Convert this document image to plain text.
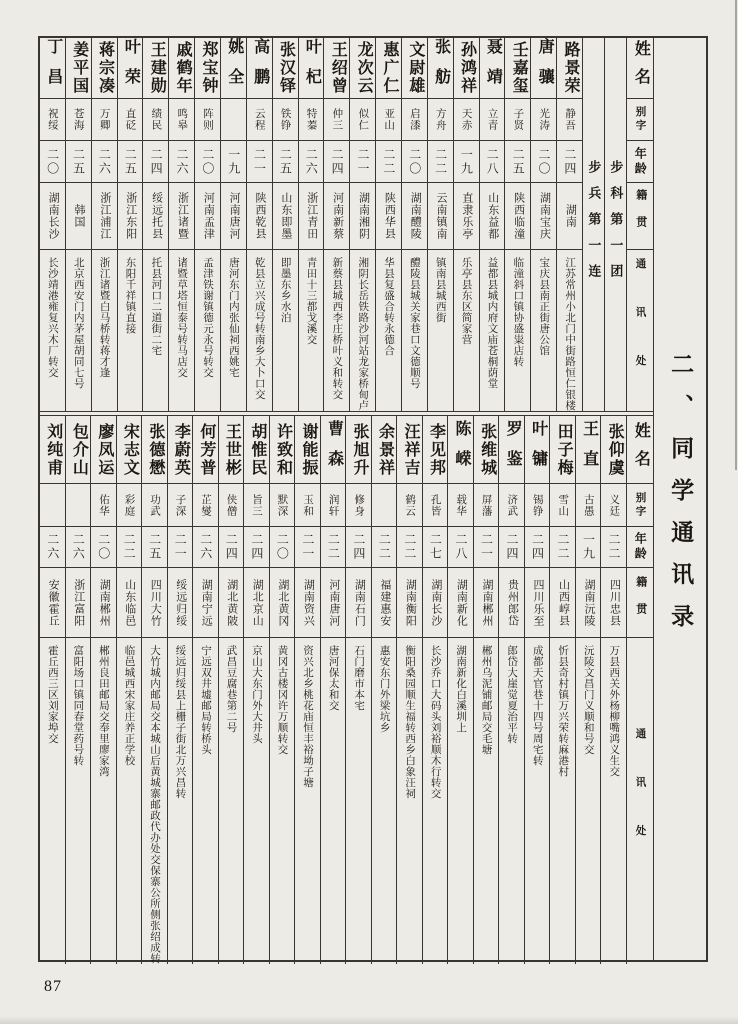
姓名
别字
年龄
籍贯
通讯处
步科第一团
步兵第一连
路景荣
静吾
二四
湖南
江苏常州小北门中街路恒仁银楼
唐骧
光涛
二〇
湖南宝庆
宝庆县南正街唐公馆
壬嘉玺
子贤
二五
陕西临潼
临潼斜口镇协盛粜店转
聂靖
立青
二八
山东益都
益都县城内府文庙苍桐荫堂
孙鸿祥
天赤
一九
直隶乐亭
乐亭县东区简家营
张舫
方舟
二二
云南镇南
镇南县城西街
文尉雄
启潻
二〇
湖南醴陵
醴陵县城关家巷口文德顺号
惠广仁
亚山
二二
陕西华县
华县复盛合转永德合
龙次云
似仁
二一
湖南湘阴
湘阴长岳铁路沙河站龙家桥甸卢
王绍曾
仲三
二四
河南新蔡
新蔡县城西李庄桥叶义和转交
叶杞
特蓁
二六
浙江青田
青田十三都戈溪交
张汉铎
铁铮
二五
山东即墨
即墨东乡水泊
高鹏
云程
二一
陕西乾县
乾县立兴成号转南乡大卜口交
姚全
一九
河南唐河
唐河东门内张仙祠西姚宅
郑宝钟
阵则
二〇
河南孟津
孟津铁谢镇德元永号转交
戚鹤年
鸣皋
二六
浙江诸暨
诸暨草塔恒泰号转马店交
王建勋
绩民
二四
绥远托县
托县河口二道街二宅
叶荣
直砭
二五
浙江东阳
东阳千祥镇直接
蒋宗凑
万卿
二六
浙江浦江
浙江诸暨白马桥转蒋才逢
姜平国
苍海
二五
韩国
北京西安门内茅屋胡同七号
丁昌
祝绥
二〇
湖南长沙
长沙靖港雍复兴木厂转交
姓名
别字
年龄
籍贯
通讯处
张仰虞
义廷
二二
四川忠县
万县西关外杨柳嘴鸿义生交
王直
古愚
一九
湖南沅陵
沅陵文昌门义顺和号交
田子梅
雪山
二二
山西崞县
忻县奇村镇万兴荣转麻港村
叶镛
锡铮
二四
四川乐至
成都天官巷十四号周宅转
罗鉴
济武
二四
贵州郎岱
郎岱大崖觉夏治平转
张维城
屏藩
二一
湖南郴州
郴州乌泥铺邮局交毛塘
陈嵘
载华
二八
湖南新化
湖南新化白溪圳上
李见邦
孔皆
二七
湖南长沙
长沙乔口大码头刘裕顺木行转交
汪祥吉
鹤云
二二
湖南衡阳
衡阳桑园顺生福转西乡白象汪祠
余景祥
二二
福建惠安
惠安东门外梁坑乡
张旭升
修身
二四
湖南石门
石门磨市本宅
曹森
润轩
二二
河南唐河
唐河保太和交
谢能振
玉和
二一
湖南资兴
资兴北乡桃花庙恒丰裕坳子塘
许致和
默深
二〇
湖北黄冈
黄冈古楼冈许万顺转交
胡惟民
旨三
二四
湖北京山
京山大东门外大井头
王世彬
侠僧
二四
湖北黄陂
武昌豆腐巷第二号
何芳普
芷燮
二六
湖南宁远
宁远双井墟邮局转桥头
李蔚英
子深
二一
绥远归绥
绥远归绥县上栅子街北万兴昌转
张德懋
功武
二五
四川大竹
大竹城内邮局交本城山后黄城寨邮政代办处交保寨公所侧张绍成转
宋志文
彩庭
二二
山东临邑
临邑城西宋家庄养正学校
廖凤运
佑华
二〇
湖南郴州
郴州良田邮局交奉里廖家湾
包介山
二六
浙江富阳
富阳场口镇同春堂药号转
刘纯甫
二六
安徽霍丘
霍丘西三区刘家埠交
二、同学通讯录
87
